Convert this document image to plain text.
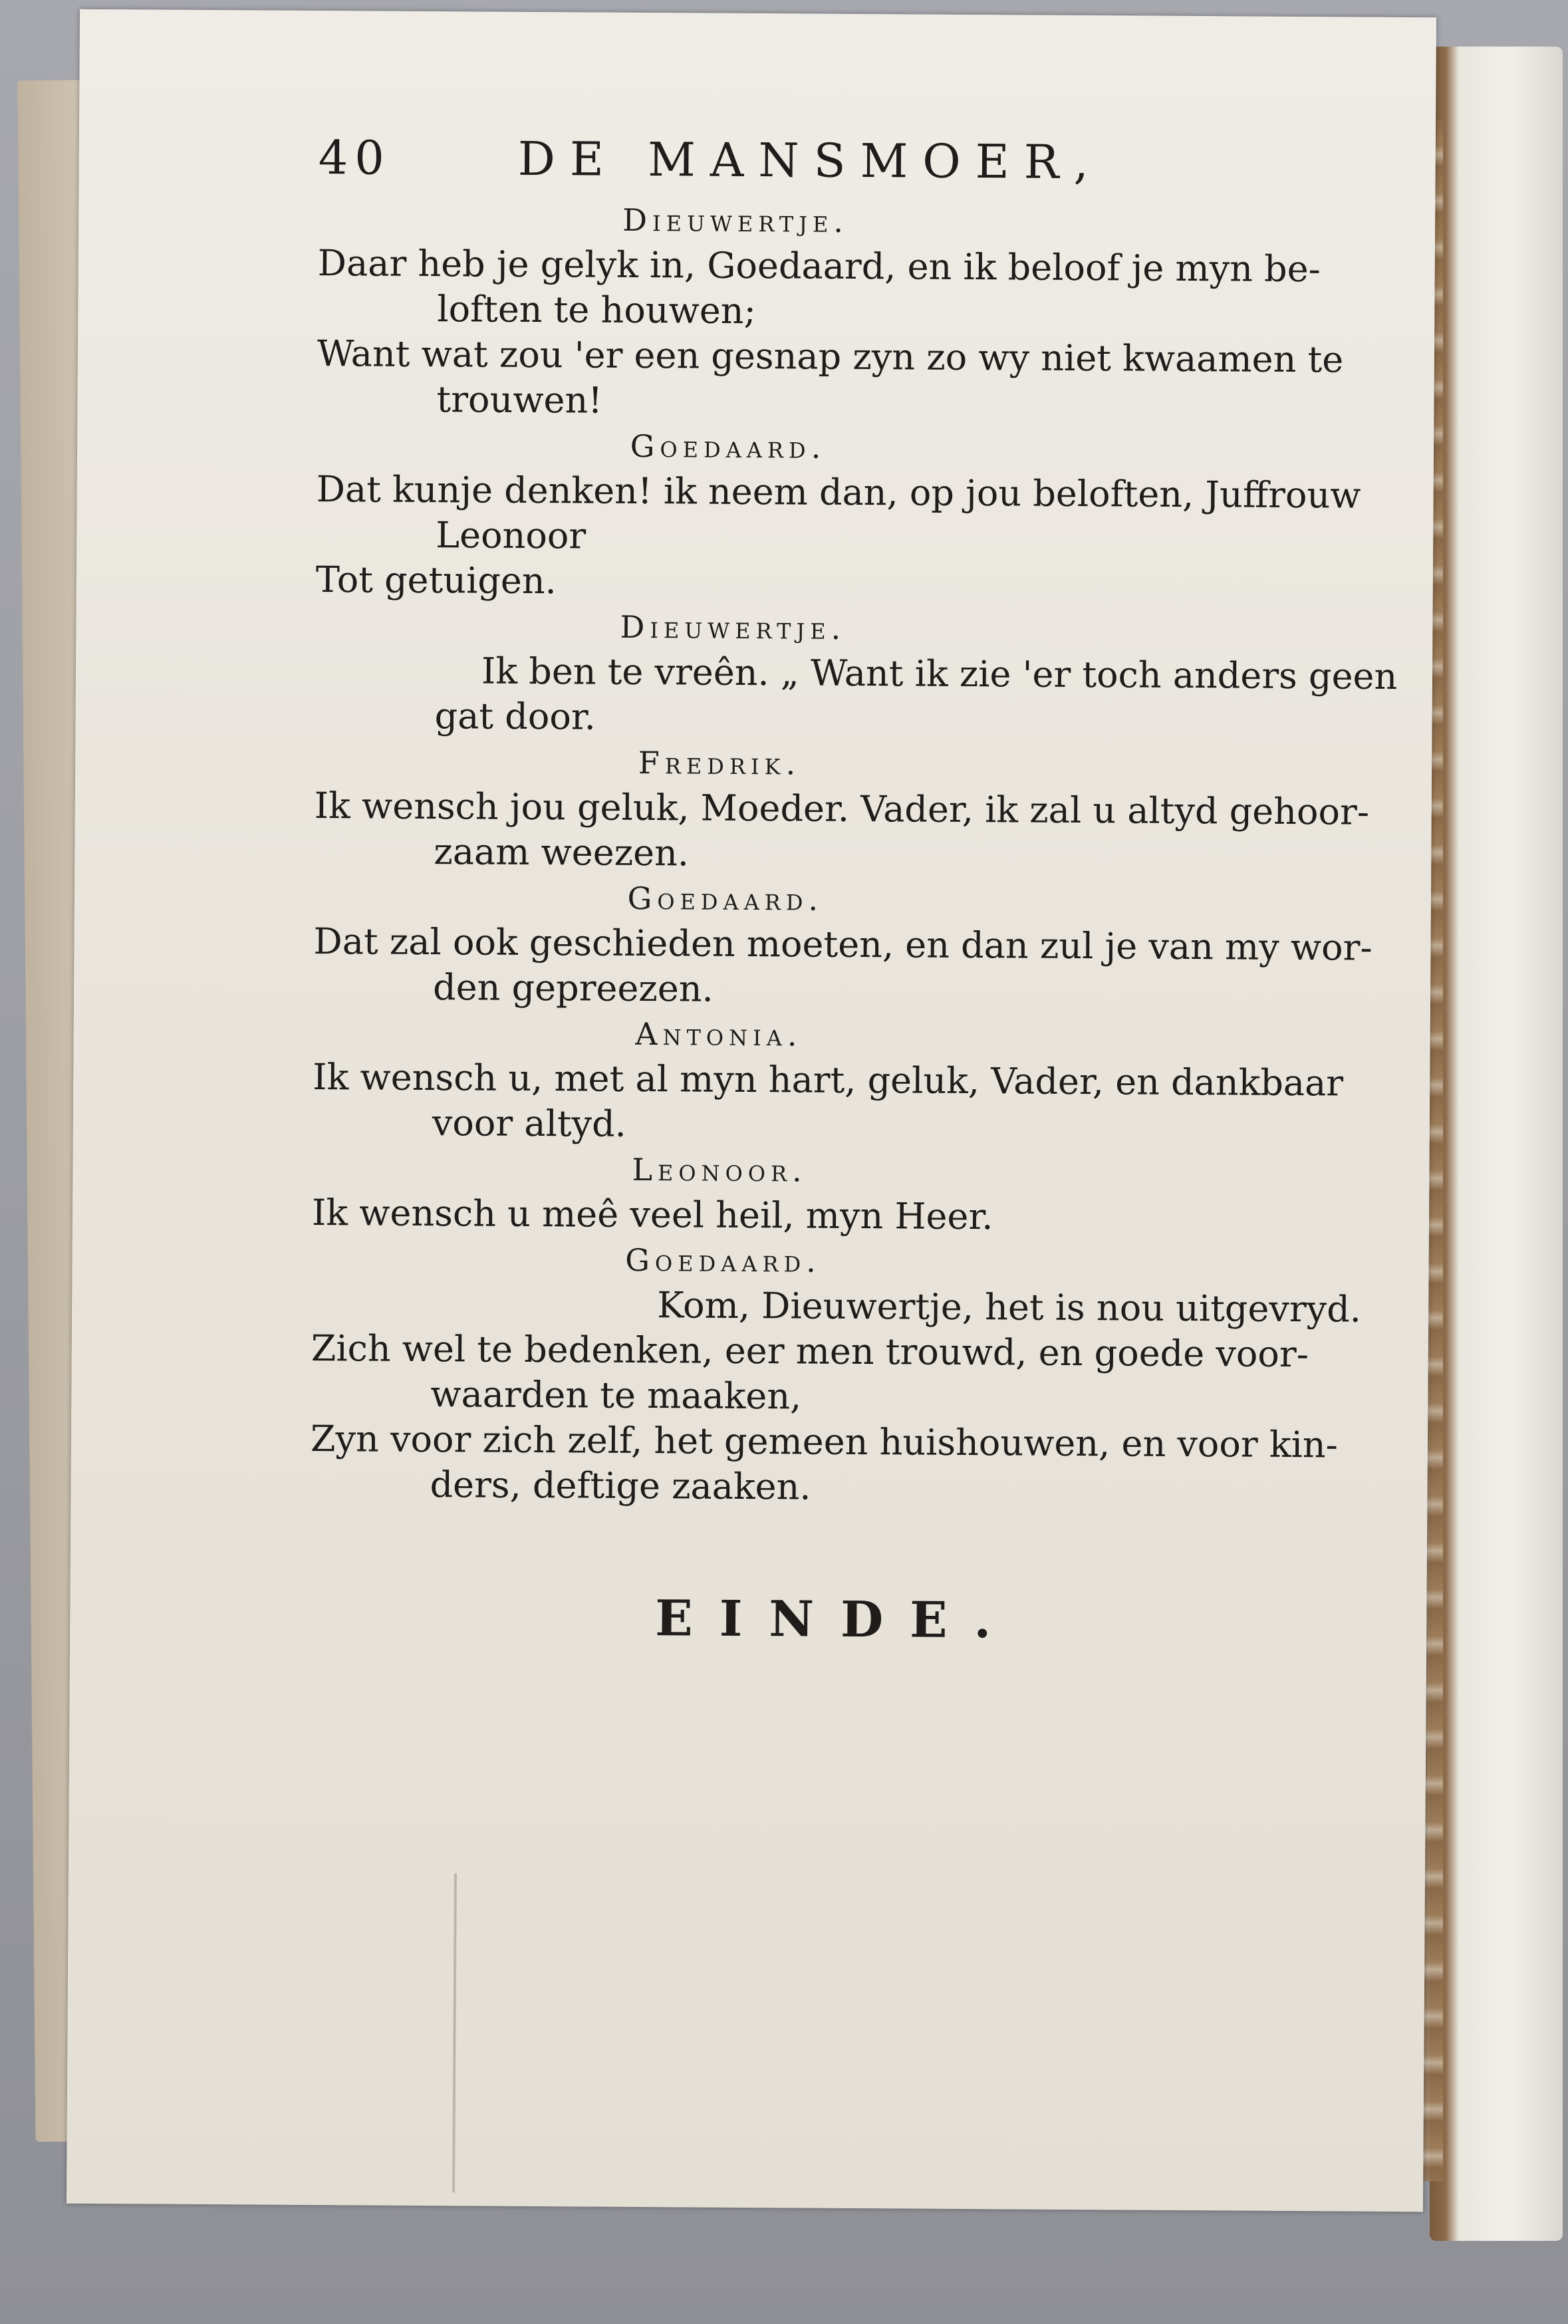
40	DE MANSMOER,
Dieuwertje.
Daar heb je gelyk in, Goedaard, en ik beloof je myn be-
loften te houwen;
Want wat zou 'er een gesnap zyn zo wy niet kwaamen te
trouwen!
Goedaard.
Dat kunje denken! ik neem dan, op jou beloften, Juffrouw
Leonoor
Tot getuigen.
Dieuwertje.
Ik ben te vreên. „ Want ik zie 'er toch anders geen
gat door.
Fredrik.
Ik wensch jou geluk, Moeder. Vader, ik zal u altyd gehoor-
zaam weezen.
Goedaard.
Dat zal ook geschieden moeten, en dan zul je van my wor-
den gepreezen.
Antonia.
Ik wensch u, met al myn hart, geluk, Vader, en dankbaar
voor altyd.
Leonoor.
Ik wensch u meê veel heil, myn Heer.
Goedaard.
Kom, Dieuwertje, het is nou uitgevryd.
Zich wel te bedenken, eer men trouwd, en goede voor-
waarden te maaken,
Zyn voor zich zelf, het gemeen huishouwen, en voor kin-
ders, deftige zaaken.
EINDE.
